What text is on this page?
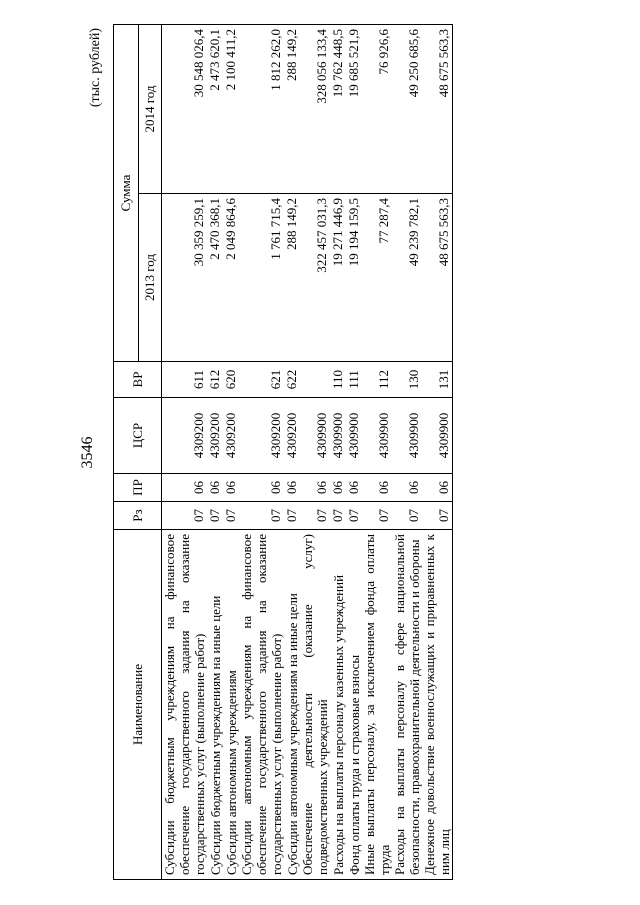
3546
(тыс. рублей)
Наименование	Рз	ПР	ЦСР	ВР	Сумма	
					2013 год	2014 год
Субсидии бюджетным учреждениям на финансовое обеспечение государственного задания на оказание государственных услуг (выполнение работ)	07	06	4309200	611	30 359 259,1	30 548 026,4
Субсидии бюджетным учреждениям на иные цели	07	06	4309200	612	2 470 368,1	2 473 620,1
Субсидии автономным учреждениям	07	06	4309200	620	2 049 864,6	2 100 411,2
Субсидии автономным учреждениям на финансовое обеспечение государственного задания на оказание государственных услуг (выполнение работ)	07	06	4309200	621	1 761 715,4	1 812 262,0
Субсидии автономным учреждениям на иные цели	07	06	4309200	622	288 149,2	288 149,2
Обеспечение деятельности (оказание услуг) подведомственных учреждений	07	06	4309900		322 457 031,3	328 056 133,4
Расходы на выплаты персоналу казенных учреждений	07	06	4309900	110	19 271 446,9	19 762 448,5
Фонд оплаты труда и страховые взносы	07	06	4309900	111	19 194 159,5	19 685 521,9
Иные выплаты персоналу, за исключением фонда оплаты труда	07	06	4309900	112	77 287,4	76 926,6
Расходы на выплаты персоналу в сфере национальной безопасности, правоохранительной деятельности и обороны	07	06	4309900	130	49 239 782,1	49 250 685,6
Денежное довольствие военнослужащих и приравненных к ним лиц	07	06	4309900	131	48 675 563,3	48 675 563,3
